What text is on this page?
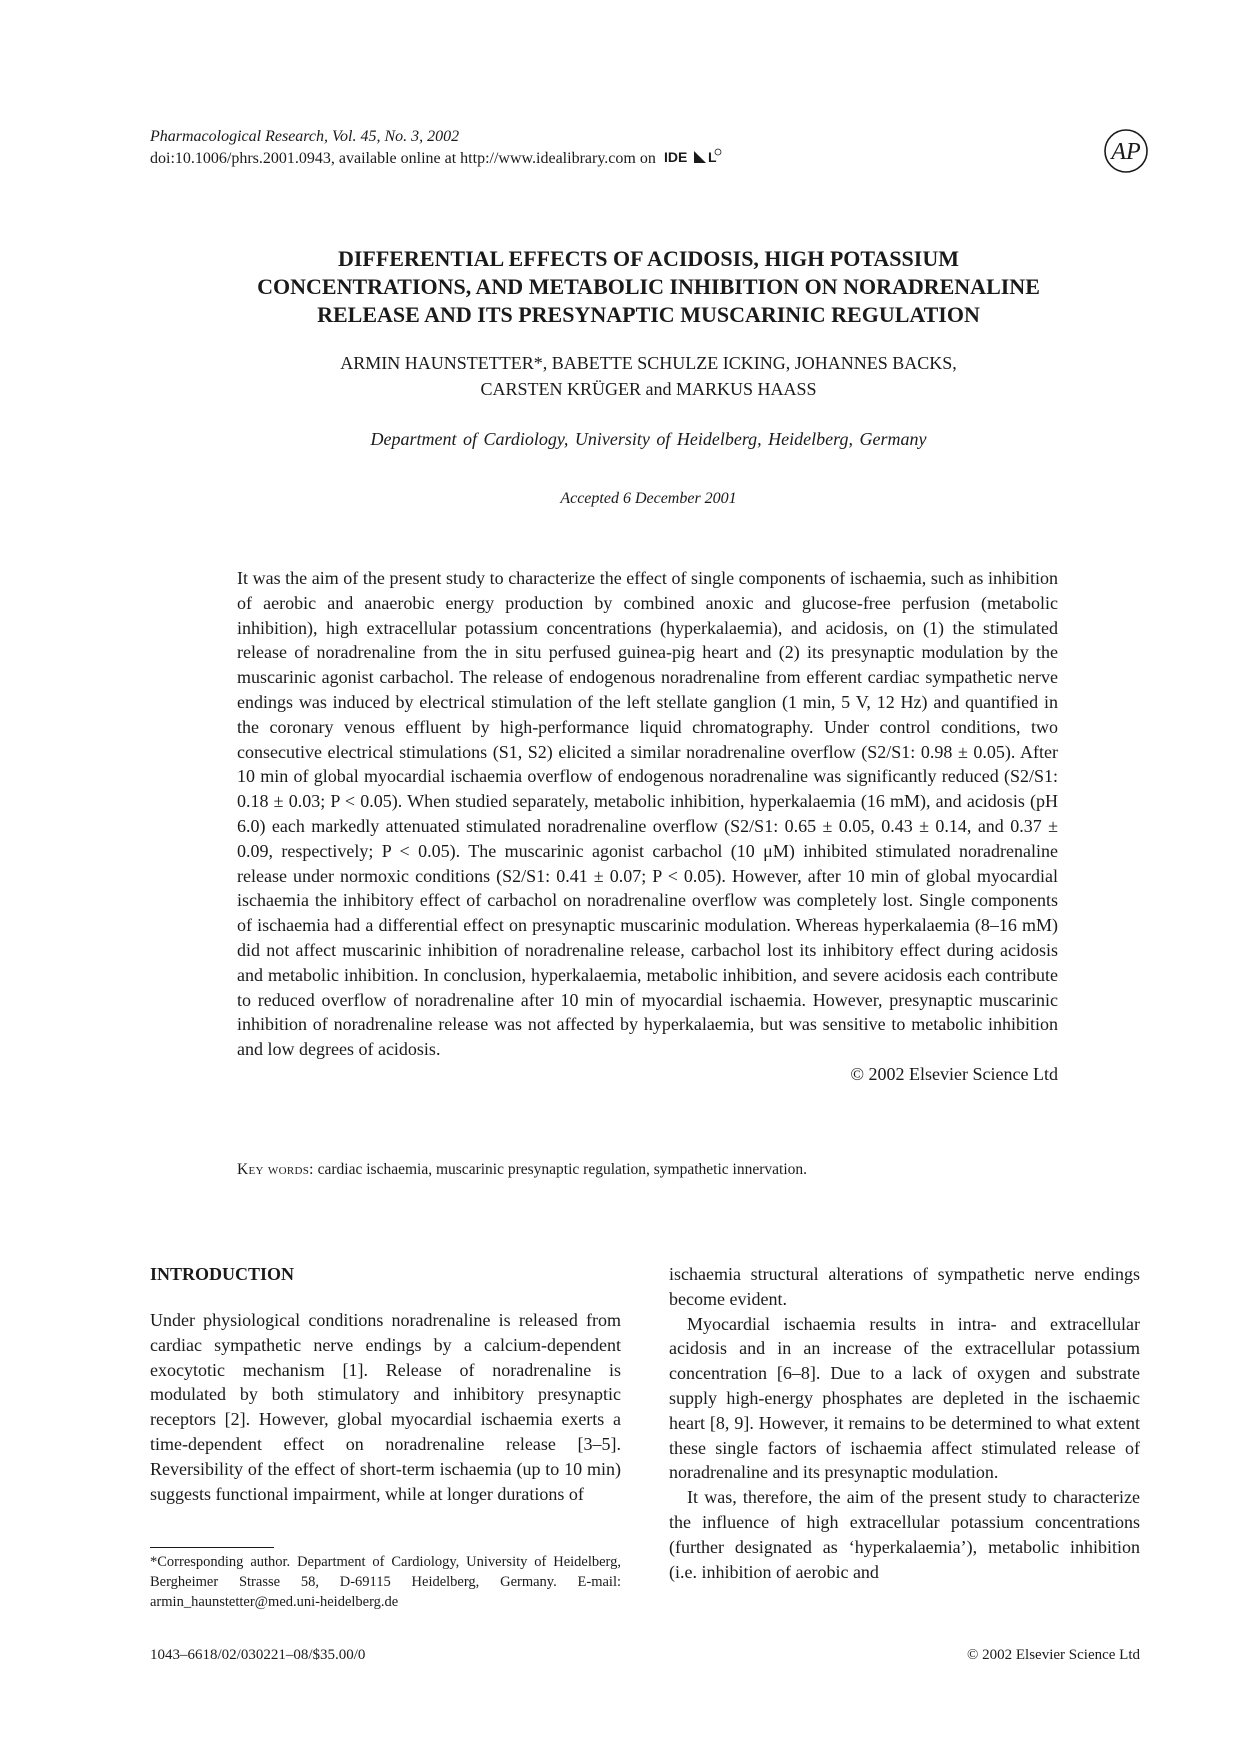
Pharmacological Research, Vol. 45, No. 3, 2002
doi:10.1006/phrs.2001.0943, available online at http://www.idealibrary.com on IDE L	AP
DIFFERENTIAL EFFECTS OF ACIDOSIS, HIGH POTASSIUM
CONCENTRATIONS, AND METABOLIC INHIBITION ON NORADRENALINE
RELEASE AND ITS PRESYNAPTIC MUSCARINIC REGULATION
ARMIN HAUNSTETTER*, BABETTE SCHULZE ICKING, JOHANNES BACKS,
CARSTEN KRÜGER and MARKUS HAASS
Department of Cardiology, University of Heidelberg, Heidelberg, Germany
Accepted 6 December 2001
It was the aim of the present study to characterize the effect of single components of ischaemia, such as inhibition of aerobic and anaerobic energy production by combined anoxic and glucose-free perfusion (metabolic inhibition), high extracellular potassium concentrations (hyperkalaemia), and acidosis, on (1) the stimulated release of noradrenaline from the in situ perfused guinea-pig heart and (2) its presynaptic modulation by the muscarinic agonist carbachol. The release of endogenous noradrenaline from efferent cardiac sympathetic nerve endings was induced by electrical stimulation of the left stellate ganglion (1 min, 5 V, 12 Hz) and quantified in the coronary venous effluent by high-performance liquid chromatography. Under control conditions, two consecutive electrical stimulations (S1, S2) elicited a similar noradrenaline overflow (S2/S1: 0.98 ± 0.05). After 10 min of global myocardial ischaemia overflow of endogenous noradrenaline was significantly reduced (S2/S1: 0.18 ± 0.03; P < 0.05). When studied separately, metabolic inhibition, hyperkalaemia (16 mM), and acidosis (pH 6.0) each markedly attenuated stimulated noradrenaline overflow (S2/S1: 0.65 ± 0.05, 0.43 ± 0.14, and 0.37 ± 0.09, respectively; P < 0.05). The muscarinic agonist carbachol (10 μM) inhibited stimulated noradrenaline release under normoxic conditions (S2/S1: 0.41 ± 0.07; P < 0.05). However, after 10 min of global myocardial ischaemia the inhibitory effect of carbachol on noradrenaline overflow was completely lost. Single components of ischaemia had a differential effect on presynaptic muscarinic modulation. Whereas hyperkalaemia (8–16 mM) did not affect muscarinic inhibition of noradrenaline release, carbachol lost its inhibitory effect during acidosis and metabolic inhibition. In conclusion, hyperkalaemia, metabolic inhibition, and severe acidosis each contribute to reduced overflow of noradrenaline after 10 min of myocardial ischaemia. However, presynaptic muscarinic inhibition of noradrenaline release was not affected by hyperkalaemia, but was sensitive to metabolic inhibition and low degrees of acidosis.
© 2002 Elsevier Science Ltd
Key words: cardiac ischaemia, muscarinic presynaptic regulation, sympathetic innervation.
INTRODUCTION

Under physiological conditions noradrenaline is released from cardiac sympathetic nerve endings by a calcium-dependent exocytotic mechanism [1]. Release of noradrenaline is modulated by both stimulatory and inhibitory presynaptic receptors [2]. However, global myocardial ischaemia exerts a time-dependent effect on noradrenaline release [3–5]. Reversibility of the effect of short-term ischaemia (up to 10 min) suggests functional impairment, while at longer durations of

ischaemia structural alterations of sympathetic nerve endings become evident.

Myocardial ischaemia results in intra- and extracellular acidosis and in an increase of the extracellular potassium concentration [6–8]. Due to a lack of oxygen and substrate supply high-energy phosphates are depleted in the ischaemic heart [8, 9]. However, it remains to be determined to what extent these single factors of ischaemia affect stimulated release of noradrenaline and its presynaptic modulation.

It was, therefore, the aim of the present study to characterize the influence of high extracellular potassium concentrations (further designated as ‘hyperkalaemia’), metabolic inhibition (i.e. inhibition of aerobic and

*Corresponding author. Department of Cardiology, University of Heidelberg, Bergheimer Strasse 58, D-69115 Heidelberg, Germany. E-mail: armin_haunstetter@med.uni-heidelberg.de
1043–6618/02/030221–08/$35.00/0	© 2002 Elsevier Science Ltd
